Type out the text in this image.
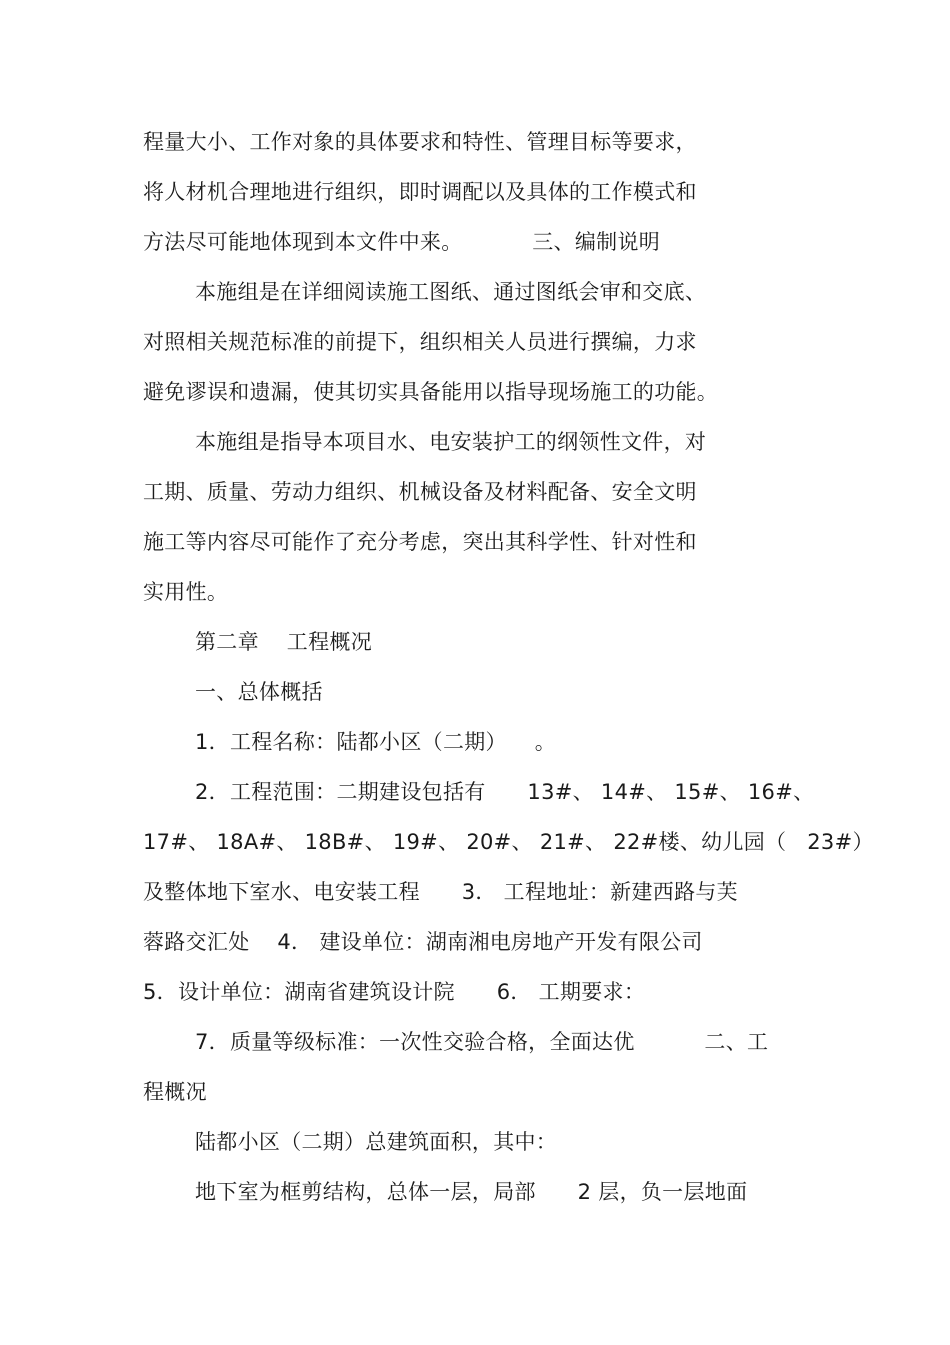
程量大小、工作对象的具体要求和特性、管理目标等要求，
将人材机合理地进行组织，即时调配以及具体的工作模式和
方法尽可能地体现到本文件中来。          三、编制说明
本施组是在详细阅读施工图纸、通过图纸会审和交底、
对照相关规范标准的前提下，组织相关人员进行撰编，力求
避免谬误和遗漏，使其切实具备能用以指导现场施工的功能。
本施组是指导本项目水、电安装护工的纲领性文件，对
工期、质量、劳动力组织、机械设备及材料配备、安全文明
施工等内容尽可能作了充分考虑，突出其科学性、针对性和
实用性。
第二章    工程概况
一、总体概括
1．工程名称：陆都小区（二期）    。
2．工程范围：二期建设包括有      13#、 14#、 15#、 16#、
17#、 18A#、 18B#、 19#、 20#、 21#、 22#楼、幼儿园（   23#）
及整体地下室水、电安装工程      3． 工程地址：新建西路与芙
蓉路交汇处    4． 建设单位：湖南湘电房地产开发有限公司
5．设计单位：湖南省建筑设计院      6． 工期要求：
7．质量等级标准：一次性交验合格，全面达优          二、工
程概况
陆都小区（二期）总建筑面积，其中：
地下室为框剪结构，总体一层，局部      2 层，负一层地面
